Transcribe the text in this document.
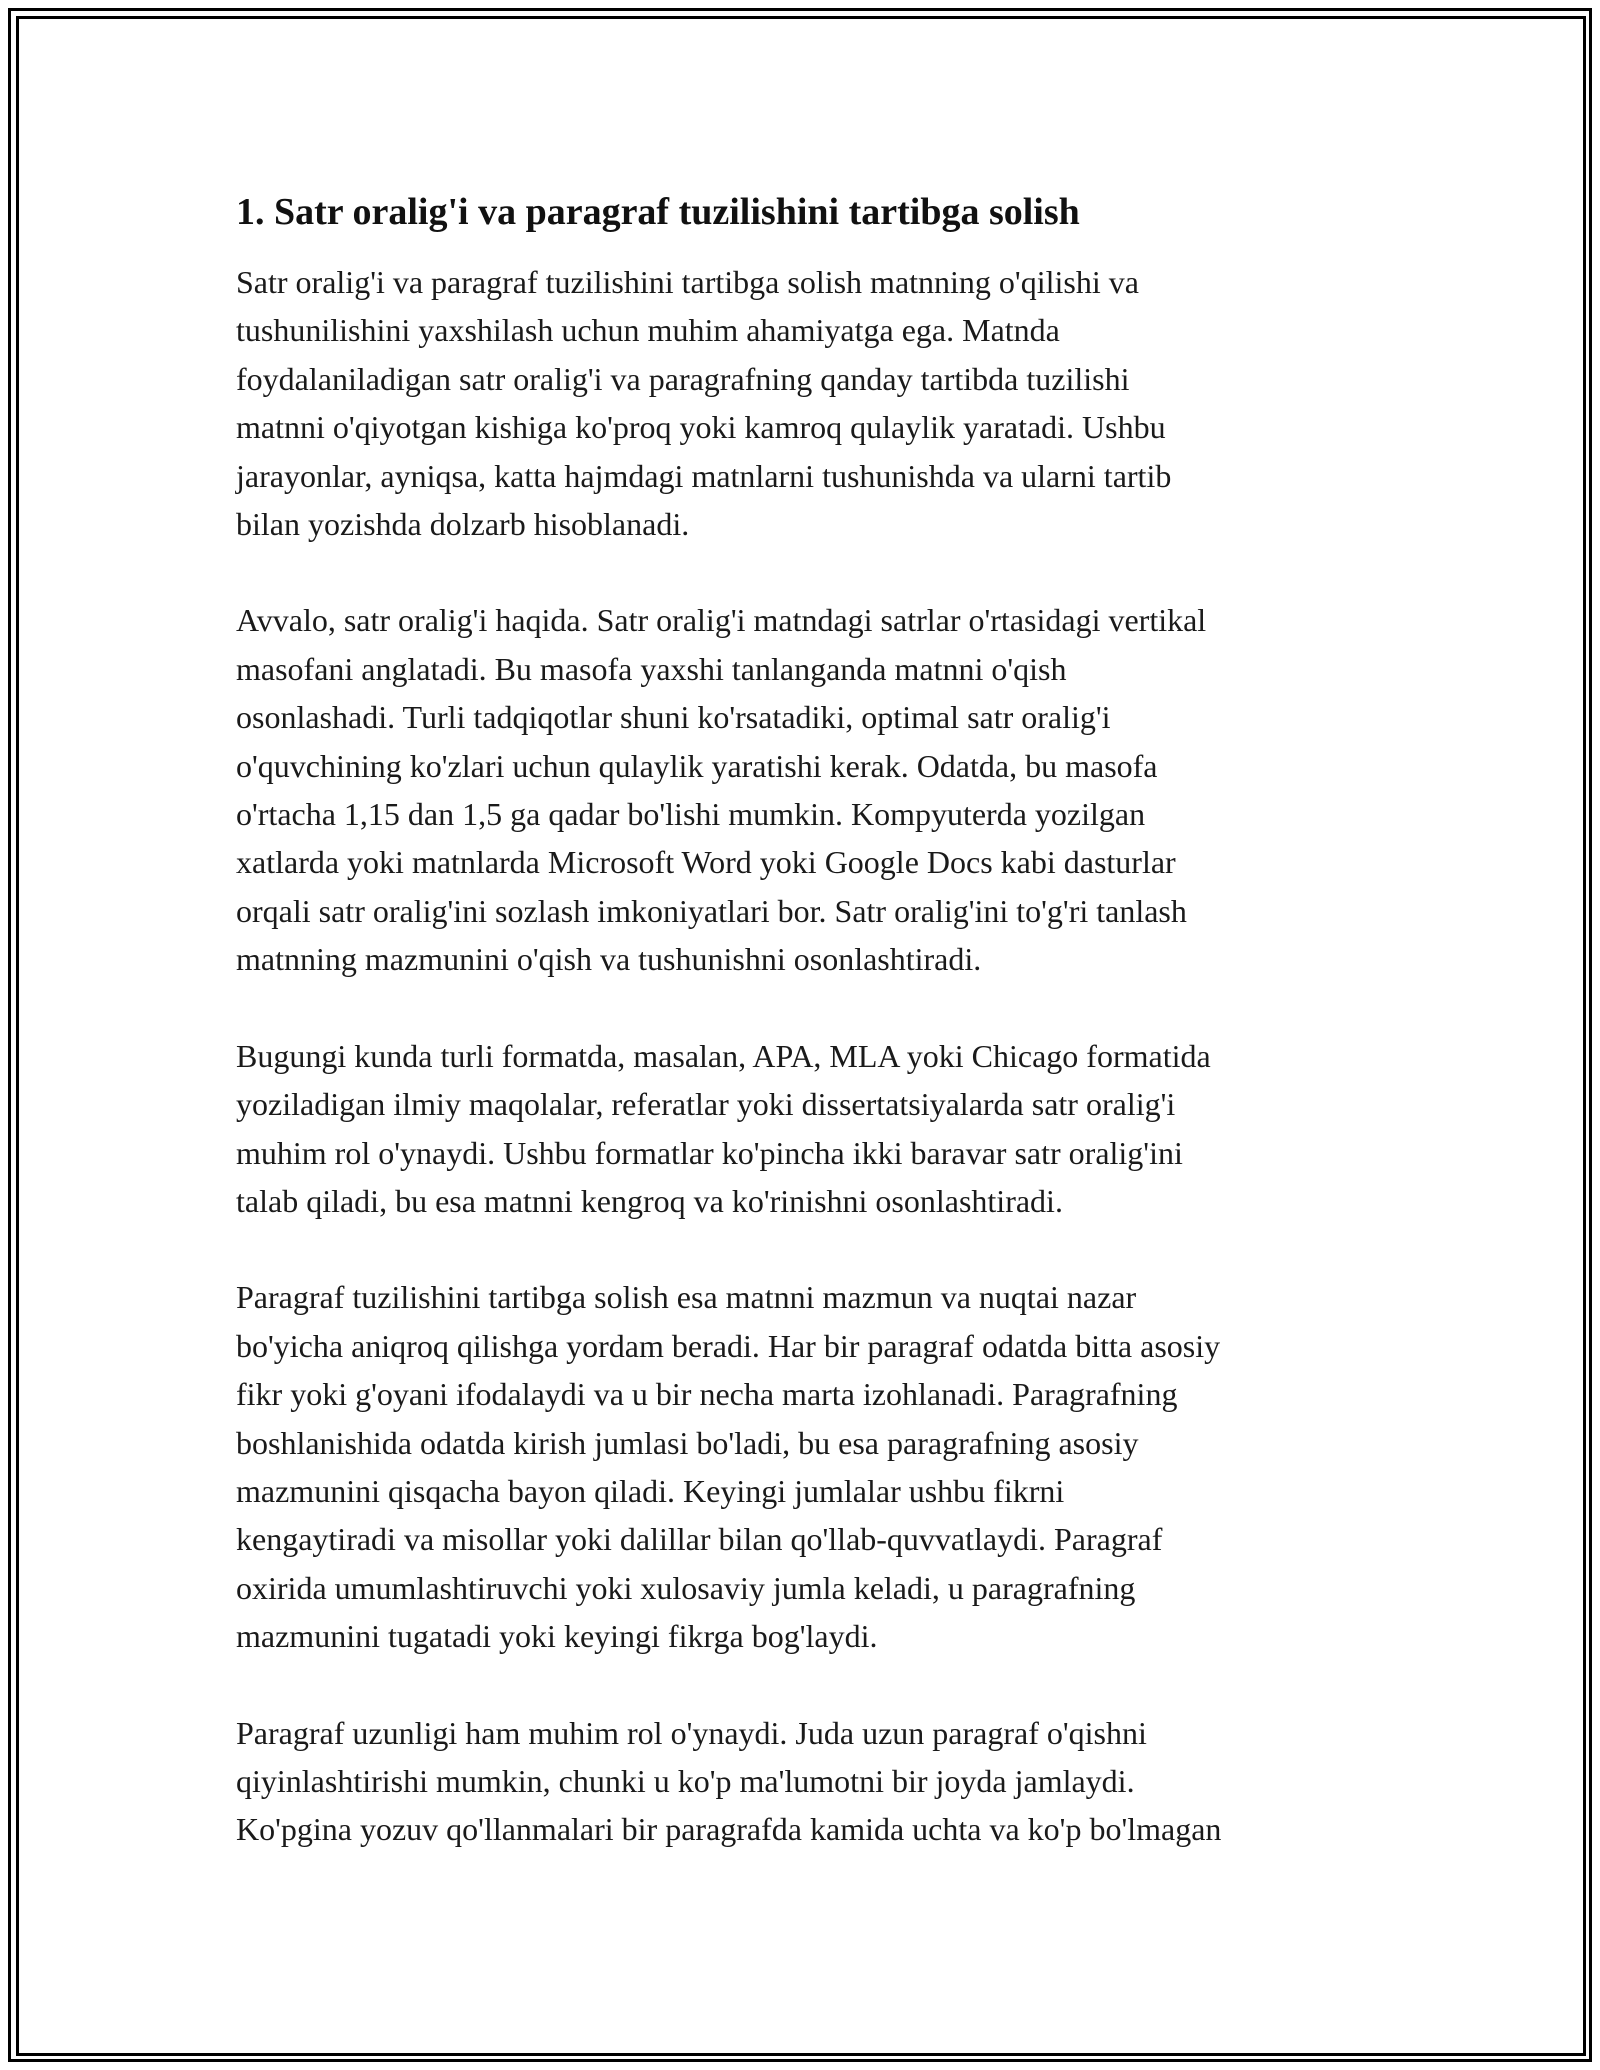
1. Satr oralig'i va paragraf tuzilishini tartibga solish
Satr oralig'i va paragraf tuzilishini tartibga solish matnning o'qilishi va
tushunilishini yaxshilash uchun muhim ahamiyatga ega. Matnda
foydalaniladigan satr oralig'i va paragrafning qanday tartibda tuzilishi
matnni o'qiyotgan kishiga ko'proq yoki kamroq qulaylik yaratadi. Ushbu
jarayonlar, ayniqsa, katta hajmdagi matnlarni tushunishda va ularni tartib
bilan yozishda dolzarb hisoblanadi.
Avvalo, satr oralig'i haqida. Satr oralig'i matndagi satrlar o'rtasidagi vertikal
masofani anglatadi. Bu masofa yaxshi tanlanganda matnni o'qish
osonlashadi. Turli tadqiqotlar shuni ko'rsatadiki, optimal satr oralig'i
o'quvchining ko'zlari uchun qulaylik yaratishi kerak. Odatda, bu masofa
o'rtacha 1,15 dan 1,5 ga qadar bo'lishi mumkin. Kompyuterda yozilgan
xatlarda yoki matnlarda Microsoft Word yoki Google Docs kabi dasturlar
orqali satr oralig'ini sozlash imkoniyatlari bor. Satr oralig'ini to'g'ri tanlash
matnning mazmunini o'qish va tushunishni osonlashtiradi.
Bugungi kunda turli formatda, masalan, APA, MLA yoki Chicago formatida
yoziladigan ilmiy maqolalar, referatlar yoki dissertatsiyalarda satr oralig'i
muhim rol o'ynaydi. Ushbu formatlar ko'pincha ikki baravar satr oralig'ini
talab qiladi, bu esa matnni kengroq va ko'rinishni osonlashtiradi.
Paragraf tuzilishini tartibga solish esa matnni mazmun va nuqtai nazar
bo'yicha aniqroq qilishga yordam beradi. Har bir paragraf odatda bitta asosiy
fikr yoki g'oyani ifodalaydi va u bir necha marta izohlanadi. Paragrafning
boshlanishida odatda kirish jumlasi bo'ladi, bu esa paragrafning asosiy
mazmunini qisqacha bayon qiladi. Keyingi jumlalar ushbu fikrni
kengaytiradi va misollar yoki dalillar bilan qo'llab-quvvatlaydi. Paragraf
oxirida umumlashtiruvchi yoki xulosaviy jumla keladi, u paragrafning
mazmunini tugatadi yoki keyingi fikrga bog'laydi.
Paragraf uzunligi ham muhim rol o'ynaydi. Juda uzun paragraf o'qishni
qiyinlashtirishi mumkin, chunki u ko'p ma'lumotni bir joyda jamlaydi.
Ko'pgina yozuv qo'llanmalari bir paragrafda kamida uchta va ko'p bo'lmagan
